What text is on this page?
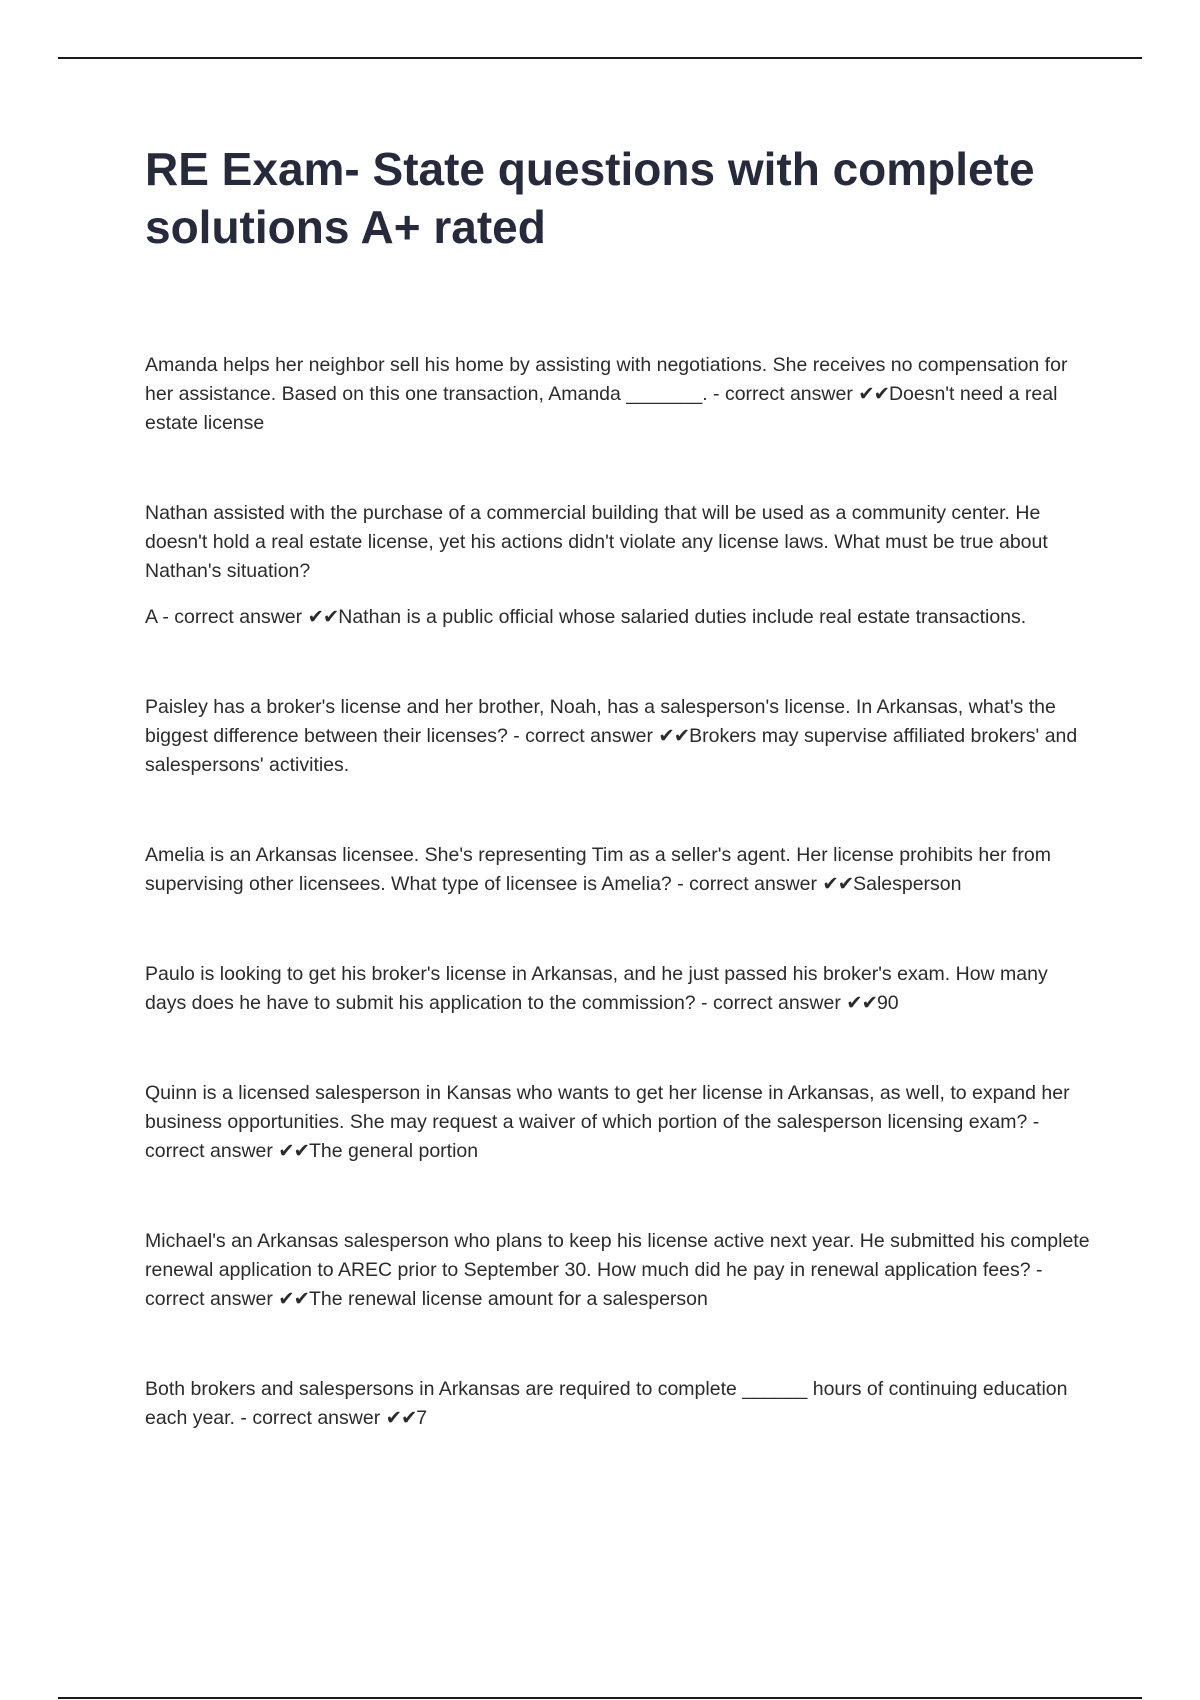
RE Exam- State questions with complete solutions A+ rated

Amanda helps her neighbor sell his home by assisting with negotiations. She receives no compensation for her assistance. Based on this one transaction, Amanda _______. - correct answer ✔✔Doesn't need a real estate license

Nathan assisted with the purchase of a commercial building that will be used as a community center. He doesn't hold a real estate license, yet his actions didn't violate any license laws. What must be true about Nathan's situation?

A - correct answer ✔✔Nathan is a public official whose salaried duties include real estate transactions.

Paisley has a broker's license and her brother, Noah, has a salesperson's license. In Arkansas, what's the biggest difference between their licenses? - correct answer ✔✔Brokers may supervise affiliated brokers' and salespersons' activities.

Amelia is an Arkansas licensee. She's representing Tim as a seller's agent. Her license prohibits her from supervising other licensees. What type of licensee is Amelia? - correct answer ✔✔Salesperson

Paulo is looking to get his broker's license in Arkansas, and he just passed his broker's exam. How many days does he have to submit his application to the commission? - correct answer ✔✔90

Quinn is a licensed salesperson in Kansas who wants to get her license in Arkansas, as well, to expand her business opportunities. She may request a waiver of which portion of the salesperson licensing exam? - correct answer ✔✔The general portion

Michael's an Arkansas salesperson who plans to keep his license active next year. He submitted his complete renewal application to AREC prior to September 30. How much did he pay in renewal application fees? - correct answer ✔✔The renewal license amount for a salesperson

Both brokers and salespersons in Arkansas are required to complete ______ hours of continuing education each year. - correct answer ✔✔7
